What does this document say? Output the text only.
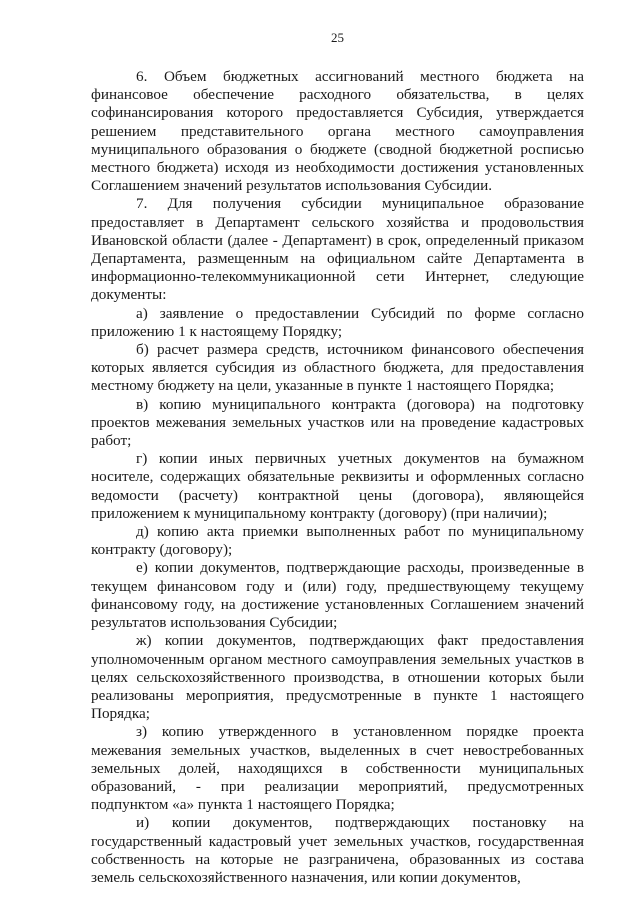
25

6. Объем бюджетных ассигнований местного бюджета на финансовое обеспечение расходного обязательства, в целях софинансирования которого предоставляется Субсидия, утверждается решением представительного органа местного самоуправления муниципального образования о бюджете (сводной бюджетной росписью местного бюджета) исходя из необходимости достижения установленных Соглашением значений результатов использования Субсидии.

7. Для получения субсидии муниципальное образование предоставляет в Департамент сельского хозяйства и продовольствия Ивановской области (далее - Департамент) в срок, определенный приказом Департамента, размещенным на официальном сайте Департамента в информационно-телекоммуникационной сети Интернет, следующие документы:

а) заявление о предоставлении Субсидий по форме согласно приложению 1 к настоящему Порядку;

б) расчет размера средств, источником финансового обеспечения которых является субсидия из областного бюджета, для предоставления местному бюджету на цели, указанные в пункте 1 настоящего Порядка;

в) копию муниципального контракта (договора) на подготовку проектов межевания земельных участков или на проведение кадастровых работ;

г) копии иных первичных учетных документов на бумажном носителе, содержащих обязательные реквизиты и оформленных согласно ведомости (расчету) контрактной цены (договора), являющейся приложением к муниципальному контракту (договору) (при наличии);

д) копию акта приемки выполненных работ по муниципальному контракту (договору);

е) копии документов, подтверждающие расходы, произведенные в текущем финансовом году и (или) году, предшествующему текущему финансовому году, на достижение установленных Соглашением значений результатов использования Субсидии;

ж) копии документов, подтверждающих факт предоставления уполномоченным органом местного самоуправления земельных участков в целях сельскохозяйственного производства, в отношении которых были реализованы мероприятия, предусмотренные в пункте 1 настоящего Порядка;

з) копию утвержденного в установленном порядке проекта межевания земельных участков, выделенных в счет невостребованных земельных долей, находящихся в собственности муниципальных образований, - при реализации мероприятий, предусмотренных подпунктом «а» пункта 1 настоящего Порядка;

и) копии документов, подтверждающих постановку на государственный кадастровый учет земельных участков, государственная собственность на которые не разграничена, образованных из состава земель сельскохозяйственного назначения, или копии документов,
